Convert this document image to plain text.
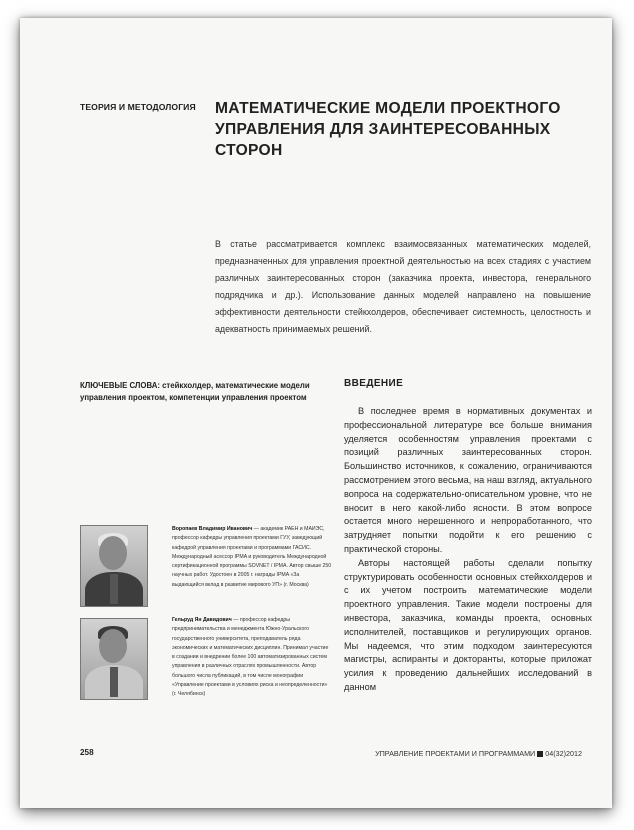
ТЕОРИЯ И МЕТОДОЛОГИЯ МАТЕМАТИЧЕСКИЕ МОДЕЛИ ПРОЕКТНОГО УПРАВЛЕНИЯ ДЛЯ ЗАИНТЕРЕСОВАННЫХ СТОРОН
В статье рассматривается комплекс взаимосвязанных математических моделей, предназначенных для управления проектной деятельностью на всех стадиях с участием различных заинтересованных сторон (заказчика проекта, инвестора, генерального подрядчика и др.). Использование данных моделей направлено на повышение эффективности деятельности стейкхолдеров, обеспечивает системность, целостность и адекватность принимаемых решений.
КЛЮЧЕВЫЕ СЛОВА: стейкхолдер, математические модели управления проектом, компетенции управления проектом
ВВЕДЕНИЕ

В последнее время в нормативных документах и профессиональной литературе все больше внимания уделяется особенностям управления проектами с позиций различных заинтересованных сторон. Большинство источников, к сожалению, ограничиваются рассмотрением этого весьма, на наш взгляд, актуального вопроса на содержательно-описательном уровне, что не вносит в него какой-либо ясности. В этом вопросе остается много нерешенного и непроработанного, что затрудняет попытки подойти к его решению с практической стороны.

Авторы настоящей работы сделали попытку структурировать особенности основных стейкхолдеров и с их учетом построить математические модели проектного управления. Такие модели построены для инвестора, заказчика, команды проекта, основных исполнителей, поставщиков и регулирующих органов. Мы надеемся, что этим подходом заинтересуются магистры, аспиранты и докторанты, которые приложат усилия к проведению дальнейших исследований в данном

Воропаев Владимир Иванович — академик РАЕН и МАИЭС, профессор кафедры управления проектами ГУУ, заведующий кафедрой управления проектами и программами ГАСИС. Международный асессор IPMA и руководитель Международной сертификационной программы SOVNET / IPMA. Автор свыше 250 научных работ. Удостоен в 2005 г. награды IPMA «За выдающийся вклад в развитие мирового УП» (г. Москва)
Гельруд Ян Давидович — профессор кафедры предпринимательства и менеджмента Южно-Уральского государственного университета, преподаватель ряда экономических и математических дисциплин. Принимал участие в создании и внедрении более 100 автоматизированных систем управления в различных отраслях промышленности. Автор большого числа публикаций, в том числе монографии «Управление проектами в условиях риска и неопределенности» (г. Челябинск)
258	УПРАВЛЕНИЕ ПРОЕКТАМИ И ПРОГРАММАМИ 04(32)2012
